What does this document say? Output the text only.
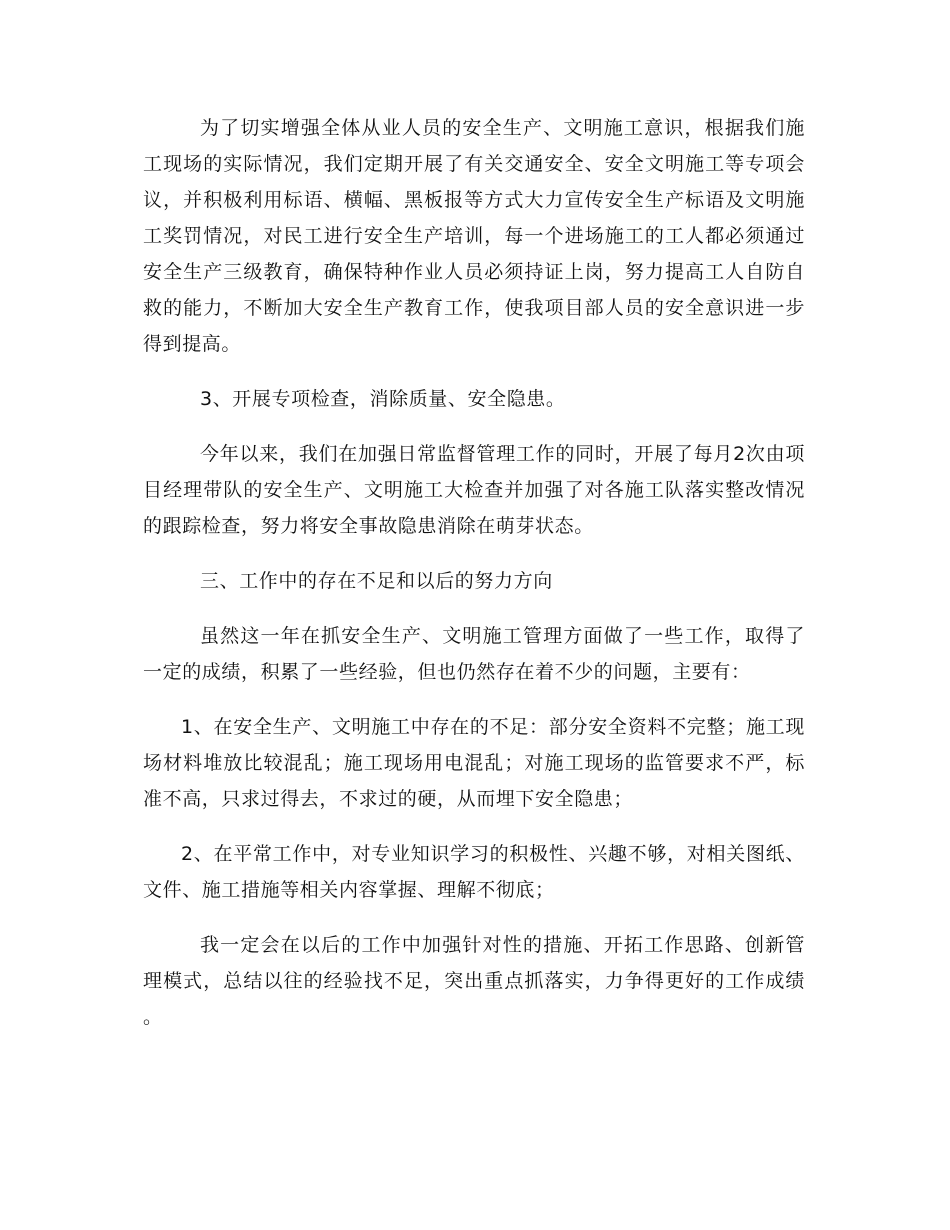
为了切实增强全体从业人员的安全生产、文明施工意识，根据我们施工现场的实际情况，我们定期开展了有关交通安全、安全文明施工等专项会议，并积极利用标语、横幅、黑板报等方式大力宣传安全生产标语及文明施工奖罚情况，对民工进行安全生产培训，每一个进场施工的工人都必须通过安全生产三级教育，确保特种作业人员必须持证上岗，努力提高工人自防自救的能力，不断加大安全生产教育工作，使我项目部人员的安全意识进一步得到提高。

3、开展专项检查，消除质量、安全隐患。

今年以来，我们在加强日常监督管理工作的同时，开展了每月2次由项目经理带队的安全生产、文明施工大检查并加强了对各施工队落实整改情况的跟踪检查，努力将安全事故隐患消除在萌芽状态。

三、工作中的存在不足和以后的努力方向

虽然这一年在抓安全生产、文明施工管理方面做了一些工作，取得了一定的成绩，积累了一些经验，但也仍然存在着不少的问题，主要有：

1、在安全生产、文明施工中存在的不足：部分安全资料不完整；施工现场材料堆放比较混乱；施工现场用电混乱；对施工现场的监管要求不严，标准不高，只求过得去，不求过的硬，从而埋下安全隐患；

2、在平常工作中，对专业知识学习的积极性、兴趣不够，对相关图纸、文件、施工措施等相关内容掌握、理解不彻底；

我一定会在以后的工作中加强针对性的措施、开拓工作思路、创新管理模式，总结以往的经验找不足，突出重点抓落实，力争得更好的工作成绩。
